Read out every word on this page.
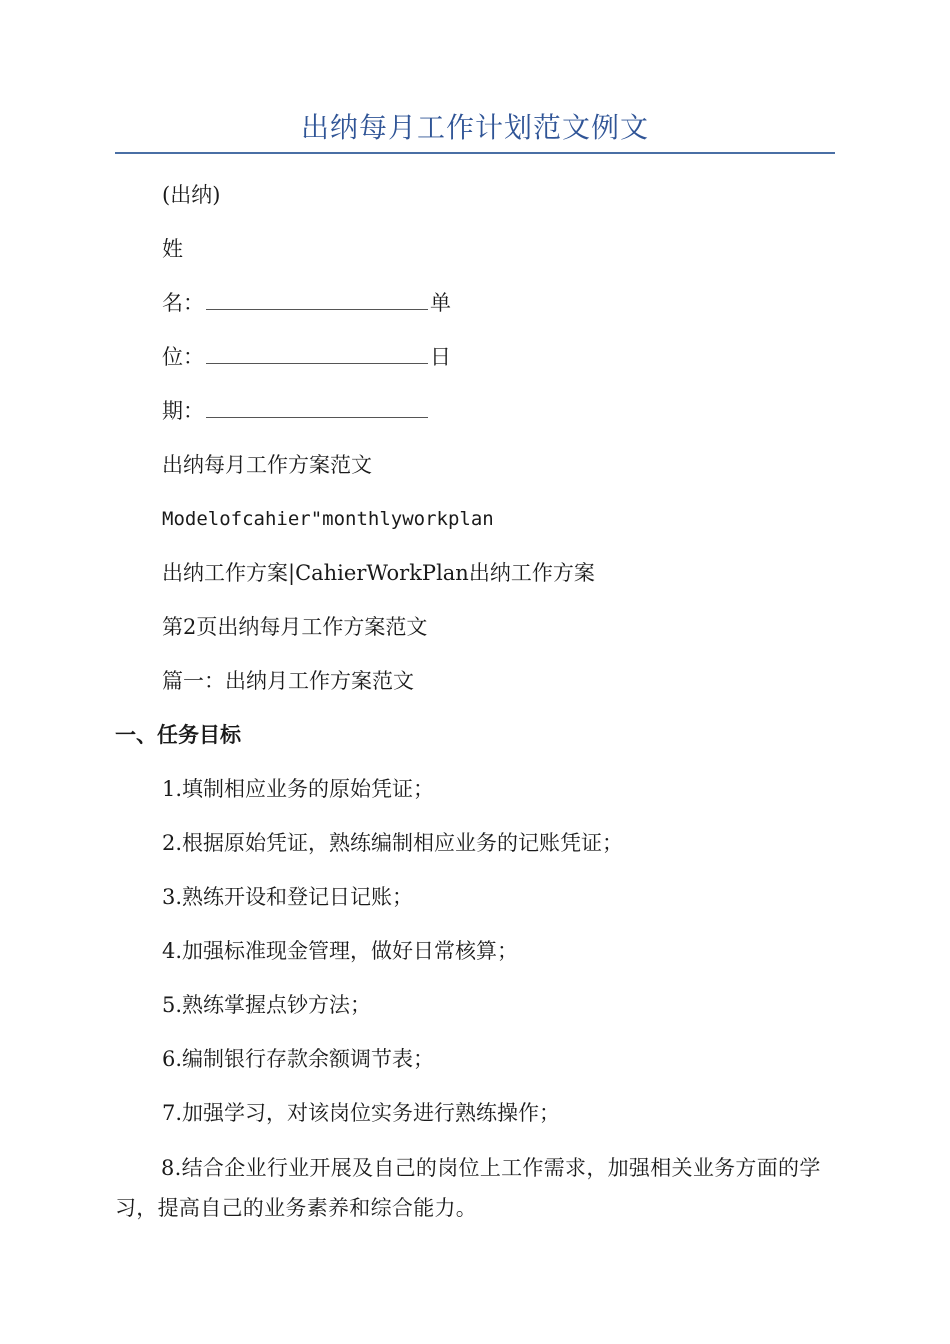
出纳每月工作计划范文例文
(出纳)
姓
名：	单
位：	日
期：
出纳每月工作方案范文
Modelofcahier"monthlyworkplan
出纳工作方案|CahierWorkPlan出纳工作方案
第2页出纳每月工作方案范文
篇一：出纳月工作方案范文
一、任务目标
1.填制相应业务的原始凭证；
2.根据原始凭证，熟练编制相应业务的记账凭证；
3.熟练开设和登记日记账；
4.加强标准现金管理，做好日常核算；
5.熟练掌握点钞方法；
6.编制银行存款余额调节表；
7.加强学习，对该岗位实务进行熟练操作；
8.结合企业行业开展及自己的岗位上工作需求，加强相关业务方面的学习，提高自己的业务素养和综合能力。
